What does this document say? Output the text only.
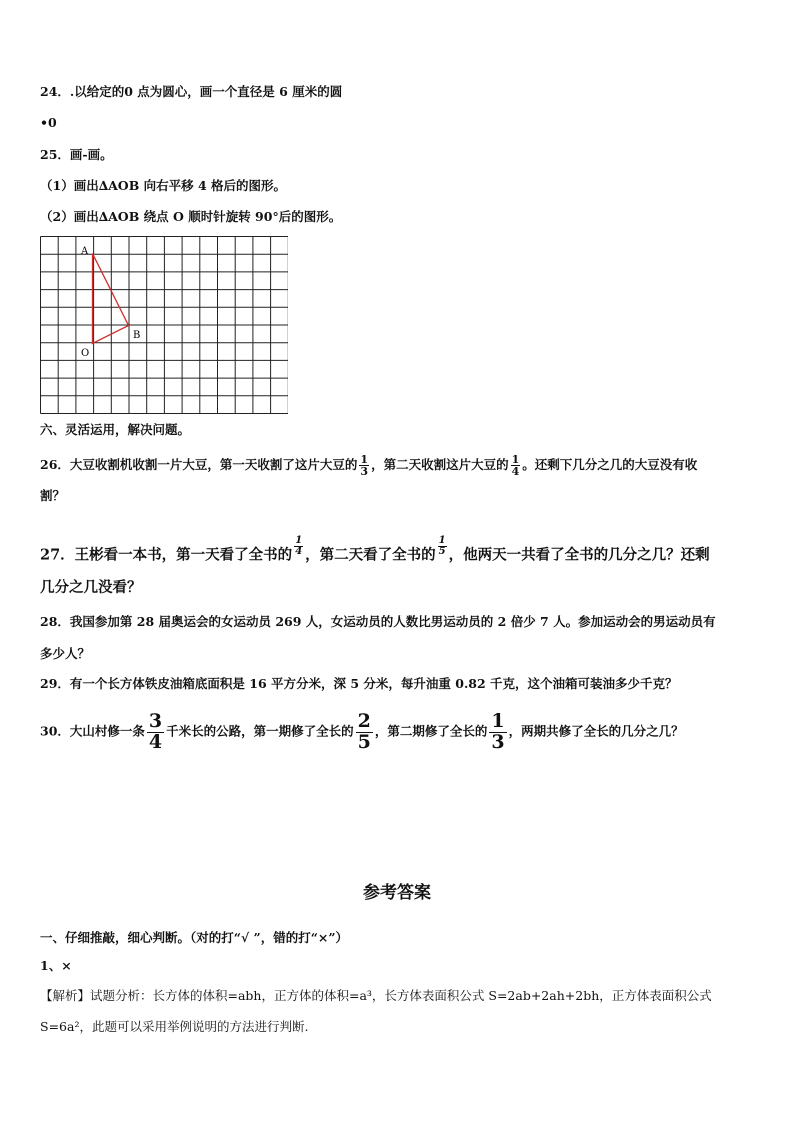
24．.以给定的0 点为圆心，画一个直径是 6 厘米的圆
•0
25．画-画。
（1）画出∆AOB 向右平移 4 格后的图形。
（2）画出∆AOB 绕点 O 顺时针旋转 90°后的图形。
A
B
O
六、灵活运用，解决问题。
26．大豆收割机收割一片大豆，第一天收割了这片大豆的 $\frac{1}{3}$ ，第二天收割这片大豆的 $\frac{1}{4}$ 。还剩下几分之几的大豆没有收
割？
27．王彬看一本书，第一天看了全书的 $\frac{1}{4}$ ，第二天看了全书的 $\frac{1}{5}$ ，他两天一共看了全书的几分之几？还剩
几分之几没看？
28．我国参加第 28 届奥运会的女运动员 269 人，女运动员的人数比男运动员的 2 倍少 7 人。参加运动会的男运动员有
多少人？
29．有一个长方体铁皮油箱底面积是 16 平方分米，深 5 分米，每升油重 0.82 千克，这个油箱可装油多少千克？
30．大山村修一条 $\frac{3}{4}$ 千米长的公路，第一期修了全长的 $\frac{2}{5}$ ，第二期修了全长的 $\frac{1}{3}$ ，两期共修了全长的几分之几？
参考答案
一、仔细推敲，细心判断。（对的打“√ ”，错的打“×”）
1、×
【解析】试题分析：长方体的体积=abh，正方体的体积=a³，长方体表面积公式 S=2ab+2ah+2bh，正方体表面积公式
S=6a²，此题可以采用举例说明的方法进行判断.
